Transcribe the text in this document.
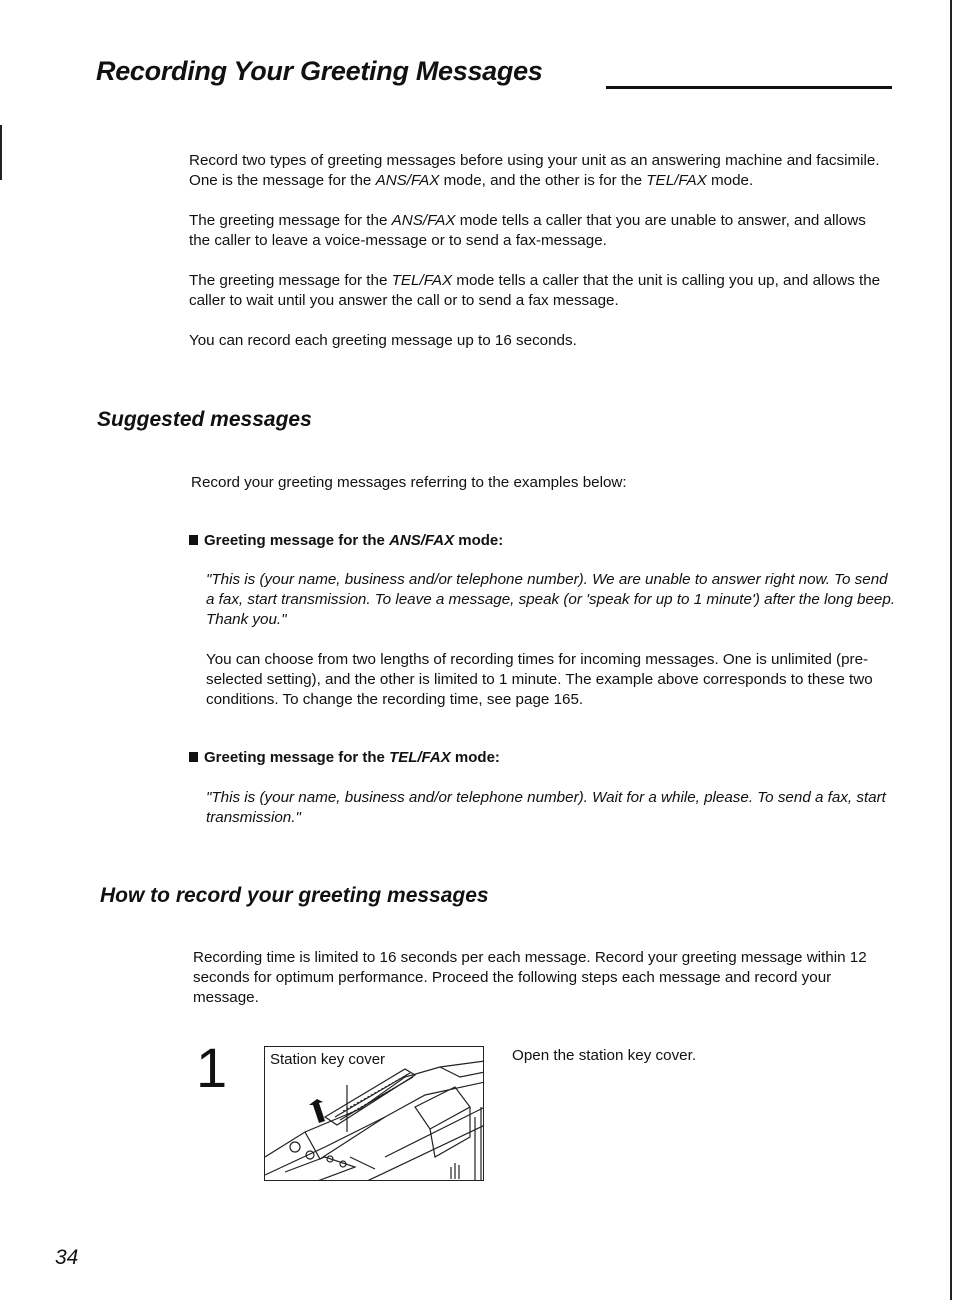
Recording Your Greeting Messages
Record two types of greeting messages before using your unit as an answering machine and facsimile. One is the message for the ANS/FAX mode, and the other is for the TEL/FAX mode.
The greeting message for the ANS/FAX mode tells a caller that you are unable to answer, and allows the caller to leave a voice-message or to send a fax-message.
The greeting message for the TEL/FAX mode tells a caller that the unit is calling you up, and allows the caller to wait until you answer the call or to send a fax message.
You can record each greeting message up to 16 seconds.
Suggested messages
Record your greeting messages referring to the examples below:
Greeting message for the ANS/FAX mode:
"This is (your name, business and/or telephone number). We are unable to answer right now. To send a fax, start transmission. To leave a message, speak (or 'speak for up to 1 minute') after the long beep. Thank you."
You can choose from two lengths of recording times for incoming messages. One is unlimited (pre-selected setting), and the other is limited to 1 minute. The example above corresponds to these two conditions. To change the recording time, see page 165.
Greeting message for the TEL/FAX mode:
"This is (your name, business and/or telephone number). Wait for a while, please. To send a fax, start transmission."
How to record your greeting messages
Recording time is limited to 16 seconds per each message. Record your greeting message within 12 seconds for optimum performance. Proceed the following steps each message and record your message.
1	Station key cover	Open the station key cover.
34
